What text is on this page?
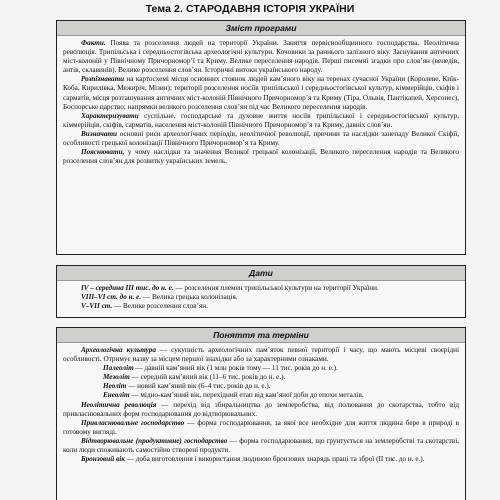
Тема 2. СТАРОДАВНЯ ІСТОРІЯ УКРАЇНИ
Зміст програми

Факти. Поява та розселення людей на території України. Заняття первіснообщинного господарства. Неолітична революція. Трипільська і середньостогівська археологічні культури. Кочовики за раннього залізного віку. Заснування античних міст-колоній у Північному Причорномор’ї та Криму. Велике переселення народів. Перші писемні згадки про слов’ян (венедів, антів, склавинів). Велике розселення слов’ян. Історичні витоки українського народу.

Розпізнавати на картосхемі місця основних стоянок людей кам’яного віку на теренах сучасної України (Королеве, Киїк-Коба, Кирилівка, Межиріч, Мізин); території розселення носіїв трипільської і середньостогівської культур, кіммерійців, скіфів і сарматів, місця розташування античних міст-колоній Північного Причорномор’я та Криму (Тіра, Ольвія, Пантікапей, Херсонес), Боспорське царство; напрямки великого розселення слов’ян під час Великого переселення народів.

Характеризувати суспільне, господарське та духовне життя носіїв трипільської і середньостогівської культур, кіммерійців, скіфів, сарматів, населення міст-колоній Північного Причорномор’я та Криму, давніх слов’ян.

Визначати основні риси археологічних періодів, неолітичної революції, причини та наслідки занепаду Великої Скіфії, особливості грецької колонізації Північного Причорномор’я та Криму.

Пояснювати, у чому наслідки та значення Великої грецької колонізації, Великого переселення народів та Великого розселення слов’ян для розвитку українських земель.

Дати

IV – середина III тис. до н. е. — розселення племен трипільської культури на території України.

VIII–VI ст. до н. е. — Велика грецька колонізація.

V–VII ст. — Велике розселення слов’ян.

Поняття та терміни

Археологічна культура — сукупність археологічних пам’яток певної території і часу, що мають місцеві своєрідні особливості. Отримує назву за місцем першої знахідки або за характерними ознаками.

Палеоліт — давній кам’яний вік (1 млн років тому — 11 тис. років до н. е.).

Мезоліт — середній кам’яний вік (11–6 тис. років до н. е.).

Неоліт — новий кам’яний вік (6–4 тис. років до н. е.).

Енеоліт — мідно-кам’яний вік, перехідний етап від кам’яної доби до епохи металів.

Неолітична революція — перехід від збиральництва до землеробства, від полювання до скотарства, тобто від привласнювальних форм господарювання до відтворювальних.

Привласнювальне господарство — форма господарювання, за якої все необхідне для життя людина бере в природі в готовому вигляді.

Відтворювальне (продуктивне) господарство — форма господарювання, що ґрунтується на землеробстві та скотарстві, коли люди споживають самостійно створені продукти.

Бронзовий вік — доба виготовлення і використання людиною бронзових знарядь праці та зброї (II тис. до н. е.).
